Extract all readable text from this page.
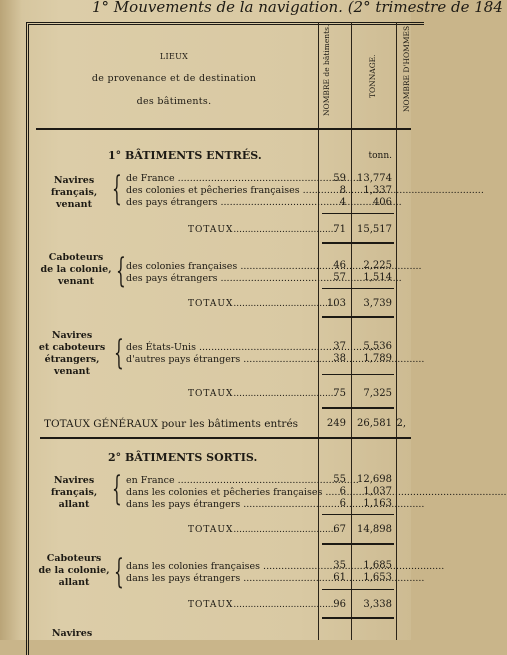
1° Mouvements de la navigation. (2° trimestre de 184
LIEUX
de provenance et de destination
des bâtiments.	NOMBRE de bâtiments.	TONNAGE.	NOMBRE D'HOMMES
1° BÂTIMENTS ENTRÉS.	tonn.
Navires
français,
venant { de France .....	59	13,774
des colonies et pêcheries françaises .....	8	1,337
des pays étrangers .....	4	406
TOTAUX .....	71	15,517
Caboteurs
de la colonie,
venant { des colonies françaises .....	46	2,225
des pays étrangers .....	57	1,514
TOTAUX .....	103	3,739
Navires
et caboteurs
étrangers,
venant { des États-Unis .....	37	5,536
d'autres pays étrangers .....	38	1,789
TOTAUX .....	75	7,325
TOTAUX GÉNÉRAUX pour les bâtiments entrés	249	26,581 2,
2° BÂTIMENTS SORTIS.
Navires
français,
allant { en France .....	55	12,698
dans les colonies et pêcheries françaises .....	6	1,037
dans les pays étrangers .....	6	1,163
TOTAUX .....	67	14,898
Caboteurs
de la colonie,
allant { dans les colonies françaises .....	35	1,685
dans les pays étrangers .....	61	1,653
TOTAUX .....	96	3,338
Navires
